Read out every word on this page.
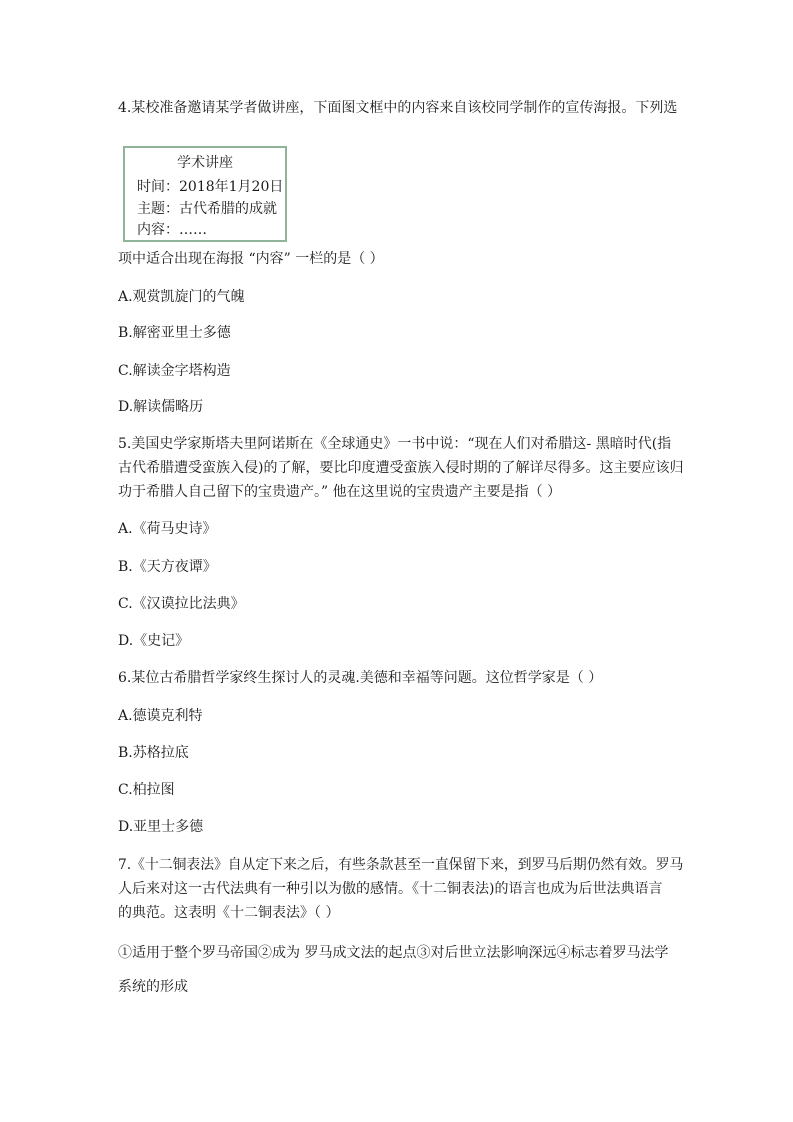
4.某校准备邀请某学者做讲座，下面图文框中的内容来自该校同学制作的宣传海报。下列选
学术讲座
时间：2018年1月20日
主题：古代希腊的成就
内容：……
项中适合出现在海报 “内容” 一栏的是（ ）
A.观赏凯旋门的气魄
B.解密亚里士多德
C.解读金字塔构造
D.解读儒略历
5.美国史学家斯塔夫里阿诺斯在《全球通史》一书中说：“现在人们对希腊这- 黑暗时代(指
古代希腊遭受蛮族入侵)的了解，要比印度遭受蛮族入侵时期的了解详尽得多。这主要应该归
功于希腊人自己留下的宝贵遗产。” 他在这里说的宝贵遗产主要是指（ ）
A.《荷马史诗》
B.《天方夜谭》
C.《汉谟拉比法典》
D.《史记》
6.某位古希腊哲学家终生探讨人的灵魂.美德和幸福等问题。这位哲学家是（ ）
A.德谟克利特
B.苏格拉底
C.柏拉图
D.亚里士多德
7.《十二铜表法》自从定下来之后，有些条款甚至一直保留下来，到罗马后期仍然有效。罗马
人后来对这一古代法典有一种引以为傲的感情。《十二铜表法)的语言也成为后世法典语言
的典范。这表明《十二铜表法》（ ）
①适用于整个罗马帝国②成为 罗马成文法的起点③对后世立法影响深远④标志着罗马法学
系统的形成
